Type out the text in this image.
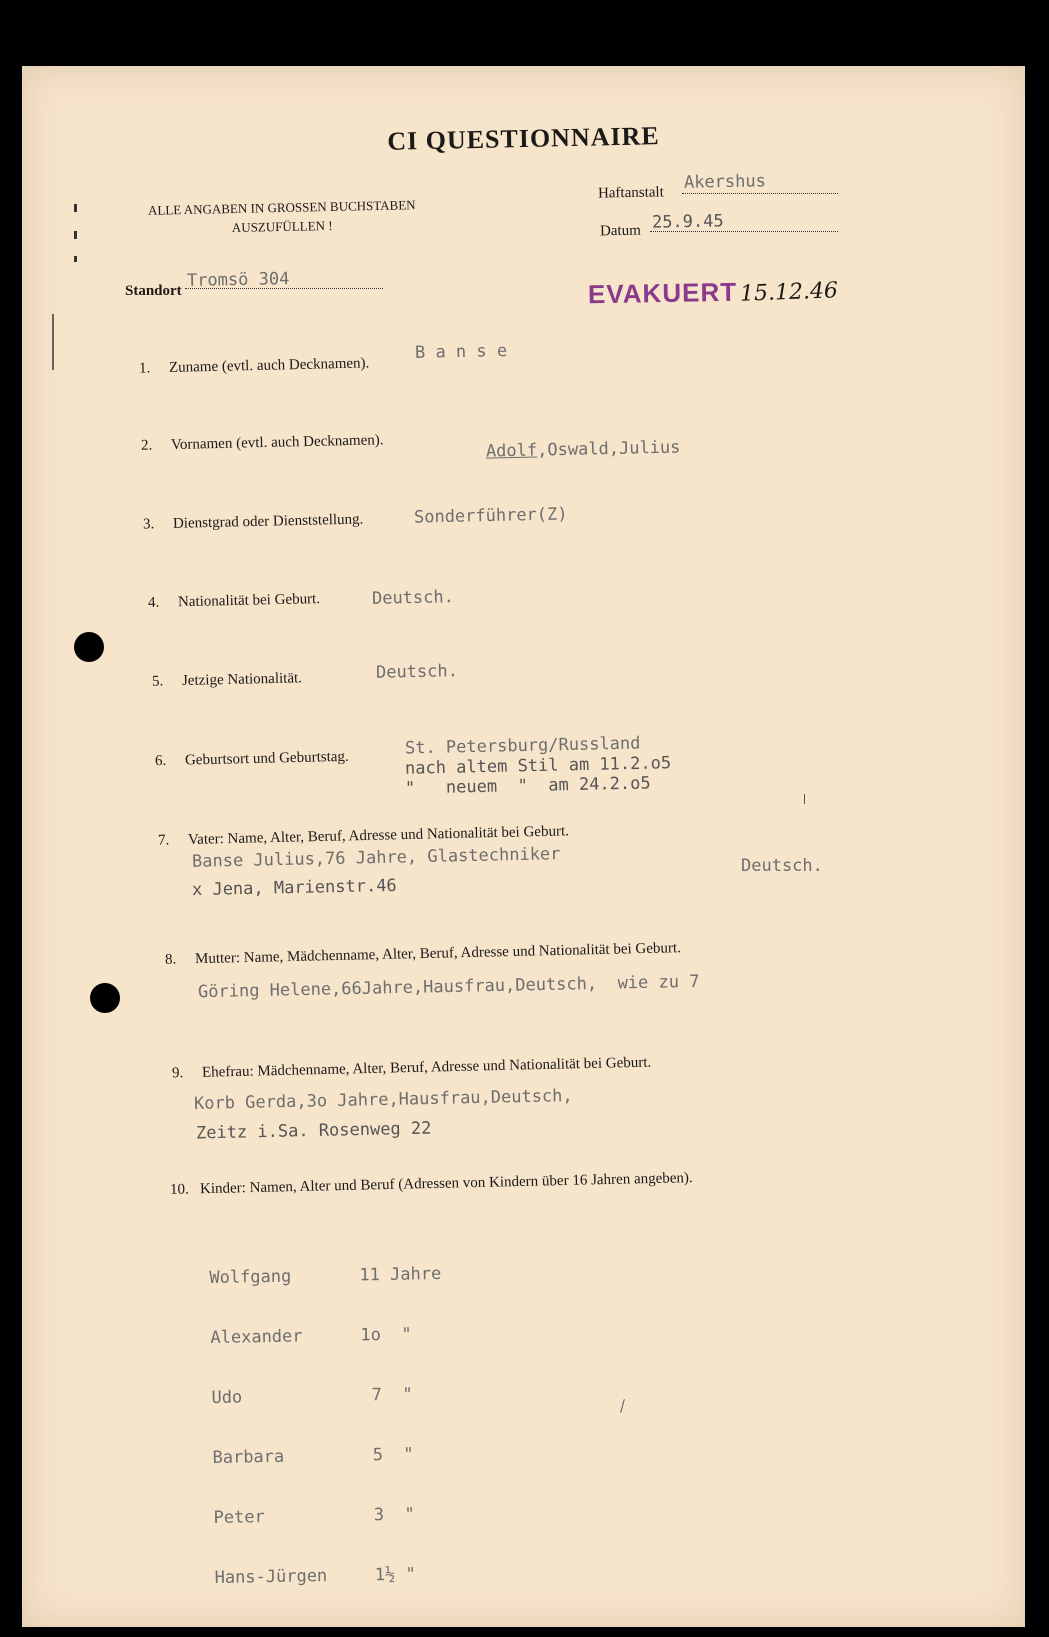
CI QUESTIONNAIRE
ALLE ANGABEN IN GROSSEN BUCHSTABEN
AUSZUFÜLLEN !
Haftanstalt
Akershus
Datum 25.9.45
Standort
Tromsö 304	EVAKUERT 15.12.46
1. Zuname (evtl. auch Decknamen).
B a n s e
2. Vornamen (evtl. auch Decknamen).	Adolf,Oswald,Julius

3. Dienstgrad oder Dienststellung.	Sonderführer(Z)
4. Nationalität bei Geburt.	Deutsch.
5. Jetzige Nationalität.	Deutsch.
6. Geburtsort und Geburtstag.
St. Petersburg/Russland
nach altem Stil am 11.2.o5
"   neuem  "  am 24.2.o5
7. Vater: Name, Alter, Beruf, Adresse und Nationalität bei Geburt.
Banse Julius,76 Jahre, Glastechniker
x Jena, Marienstr.46
Deutsch.
8. Mutter: Name, Mädchenname, Alter, Beruf, Adresse und Nationalität bei Geburt.
Göring Helene,66Jahre,Hausfrau,Deutsch,  wie zu 7
9. Ehefrau: Mädchenname, Alter, Beruf, Adresse und Nationalität bei Geburt.
Korb Gerda,3o Jahre,Hausfrau,Deutsch,
Zeitz i.Sa. Rosenweg 22
10. Kinder: Namen, Alter und Beruf (Adressen von Kindern über 16 Jahren angeben).

Wolfgang	11 Jahre

Alexander	1o  "

Udo	7  "

Barbara	5  "

Peter	3  "

Hans-Jürgen	1½ "
